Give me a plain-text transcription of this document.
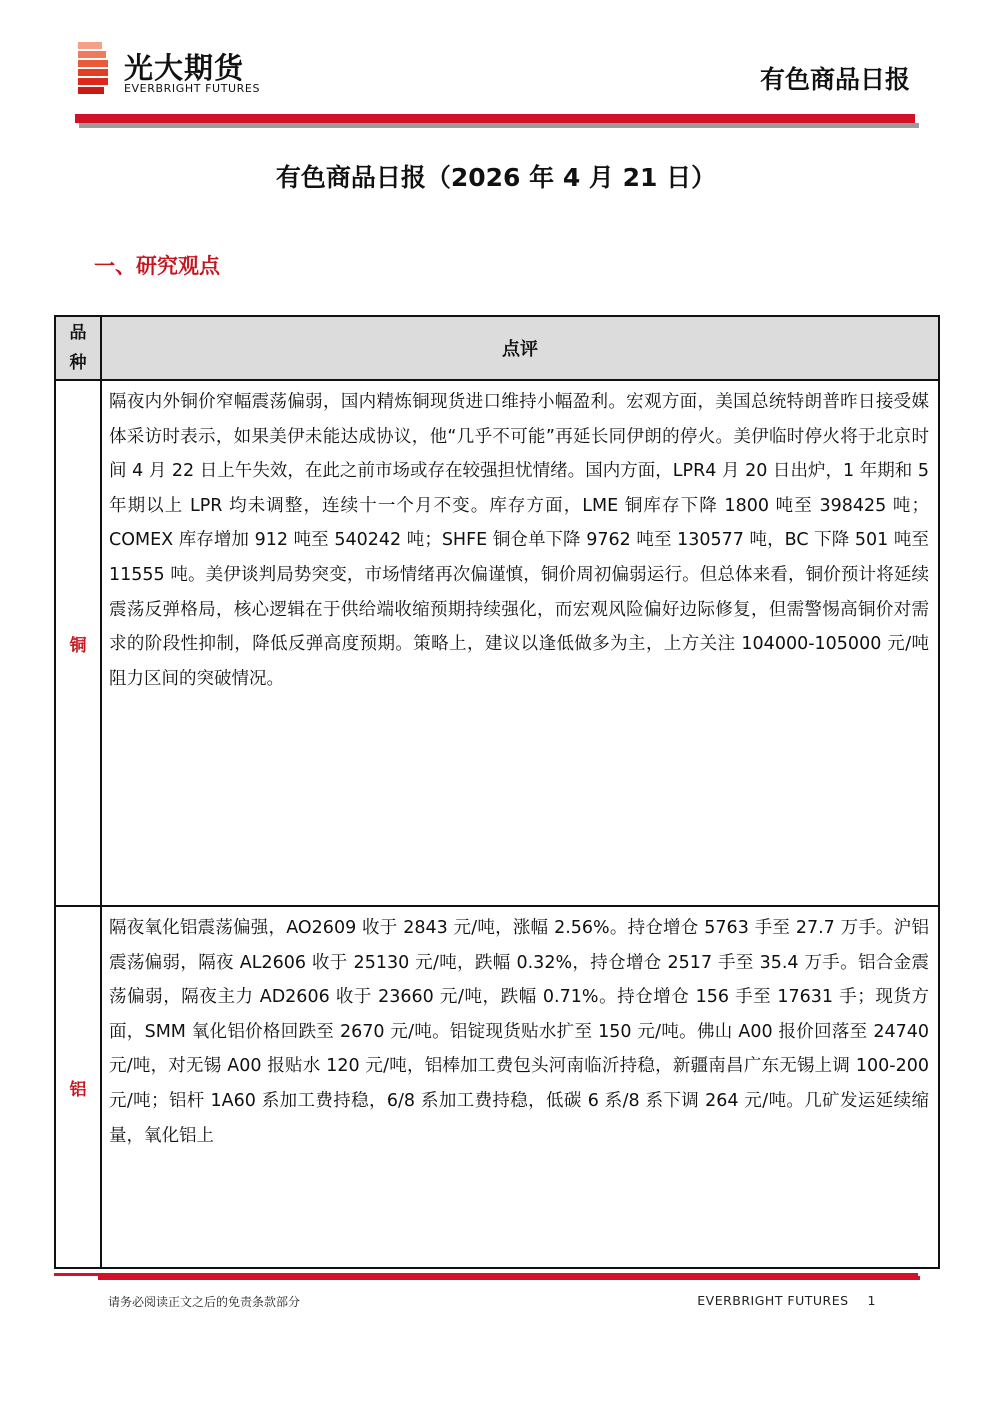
光大期货
EVERBRIGHT FUTURES	有色商品日报
有色商品日报（2026 年 4 月 21 日）
一、研究观点
品种	点评
铜	隔夜内外铜价窄幅震荡偏弱，国内精炼铜现货进口维持小幅盈利。宏观方面，美国总统特朗普昨日接受媒体采访时表示，如果美伊未能达成协议，他“几乎不可能”再延长同伊朗的停火。美伊临时停火将于北京时间 4 月 22 日上午失效，在此之前市场或存在较强担忧情绪。国内方面，LPR4 月 20 日出炉，1 年期和 5 年期以上 LPR 均未调整，连续十一个月不变。库存方面，LME 铜库存下降 1800 吨至 398425 吨；COMEX 库存增加 912 吨至 540242 吨；SHFE 铜仓单下降 9762 吨至 130577 吨，BC 下降 501 吨至 11555 吨。美伊谈判局势突变，市场情绪再次偏谨慎，铜价周初偏弱运行。但总体来看，铜价预计将延续震荡反弹格局，核心逻辑在于供给端收缩预期持续强化，而宏观风险偏好边际修复，但需警惕高铜价对需求的阶段性抑制，降低反弹高度预期。策略上，建议以逢低做多为主，上方关注 104000-105000 元/吨阻力区间的突破情况。
铝	隔夜氧化铝震荡偏强，AO2609 收于 2843 元/吨，涨幅 2.56%。持仓增仓 5763 手至 27.7 万手。沪铝震荡偏弱，隔夜 AL2606 收于 25130 元/吨，跌幅 0.32%，持仓增仓 2517 手至 35.4 万手。铝合金震荡偏弱，隔夜主力 AD2606 收于 23660 元/吨，跌幅 0.71%。持仓增仓 156 手至 17631 手；现货方面，SMM 氧化铝价格回跌至 2670 元/吨。铝锭现货贴水扩至 150 元/吨。佛山 A00 报价回落至 24740 元/吨，对无锡 A00 报贴水 120 元/吨，铝棒加工费包头河南临沂持稳，新疆南昌广东无锡上调 100-200 元/吨；铝杆 1A60 系加工费持稳，6/8 系加工费持稳，低碳 6 系/8 系下调 264 元/吨。几矿发运延续缩量，氧化铝上
请务必阅读正文之后的免责条款部分	EVERBRIGHT FUTURES 1
